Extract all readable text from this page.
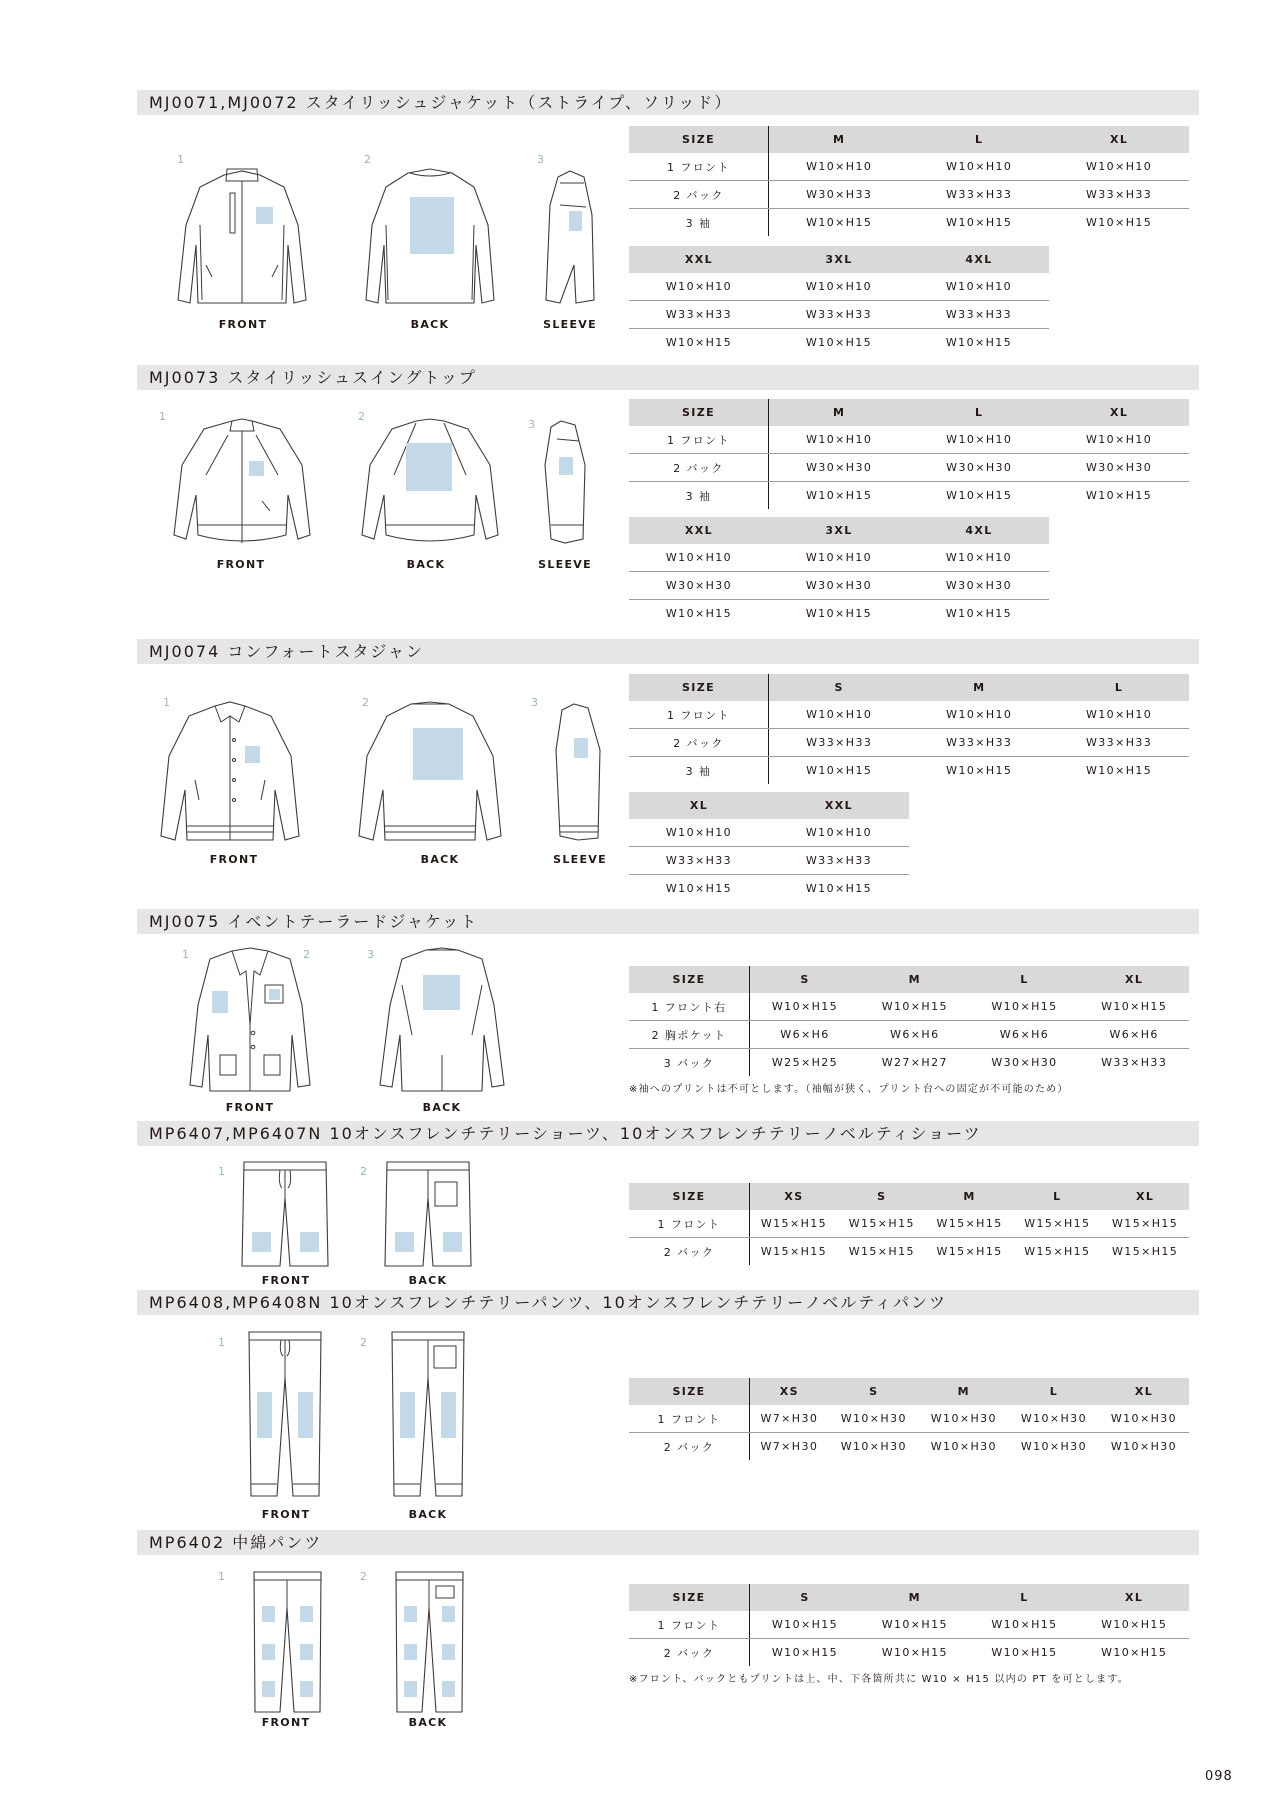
MJ0071,MJ0072 スタイリッシュジャケット（ストライプ、ソリッド）
1	2	3
FRONT	BACK	SLEEVE
SIZE	M	L	XL
1 フロント	W10×H10	W10×H10	W10×H10
2 バック	W30×H33	W33×H33	W33×H33
3 袖	W10×H15	W10×H15	W10×H15
XXL	3XL	4XL
W10×H10	W10×H10	W10×H10
W33×H33	W33×H33	W33×H33
W10×H15	W10×H15	W10×H15
MJ0073 スタイリッシュスイングトップ
1	2
3
FRONT	BACK	SLEEVE
SIZE	M	L	XL
1 フロント	W10×H10	W10×H10	W10×H10
2 バック	W30×H30	W30×H30	W30×H30
3 袖	W10×H15	W10×H15	W10×H15
XXL	3XL	4XL
W10×H10	W10×H10	W10×H10
W30×H30	W30×H30	W30×H30
W10×H15	W10×H15	W10×H15
MJ0074 コンフォートスタジャン
1	2	3
FRONT	BACK	SLEEVE
SIZE	S	M	L
1 フロント	W10×H10	W10×H10	W10×H10
2 バック	W33×H33	W33×H33	W33×H33
3 袖	W10×H15	W10×H15	W10×H15
XL	XXL
W10×H10	W10×H10
W33×H33	W33×H33
W10×H15	W10×H15
MJ0075 イベントテーラードジャケット
1	2	3
FRONT	BACK
SIZE	S	M	L	XL
1 フロント右	W10×H15	W10×H15	W10×H15	W10×H15
2 胸ポケット	W6×H6	W6×H6	W6×H6	W6×H6
3 バック	W25×H25	W27×H27	W30×H30	W33×H33
※袖へのプリントは不可とします。（袖幅が狭く、プリント台への固定が不可能のため）
MP6407,MP6407N 10オンスフレンチテリーショーツ、10オンスフレンチテリーノベルティショーツ
1	2
FRONT	BACK
SIZE	XS	S	M	L	XL
1 フロント	W15×H15	W15×H15	W15×H15	W15×H15	W15×H15
2 バック	W15×H15	W15×H15	W15×H15	W15×H15	W15×H15
MP6408,MP6408N 10オンスフレンチテリーパンツ、10オンスフレンチテリーノベルティパンツ
1	2
FRONT	BACK
SIZE	XS	S	M	L	XL
1 フロント	W7×H30	W10×H30	W10×H30	W10×H30	W10×H30
2 バック	W7×H30	W10×H30	W10×H30	W10×H30	W10×H30
MP6402 中綿パンツ
1	2
FRONT	BACK
SIZE	S	M	L	XL
1 フロント	W10×H15	W10×H15	W10×H15	W10×H15
2 バック	W10×H15	W10×H15	W10×H15	W10×H15
※フロント、バックともプリントは上、中、下各箇所共に W10 × H15 以内の PT を可とします。
098
